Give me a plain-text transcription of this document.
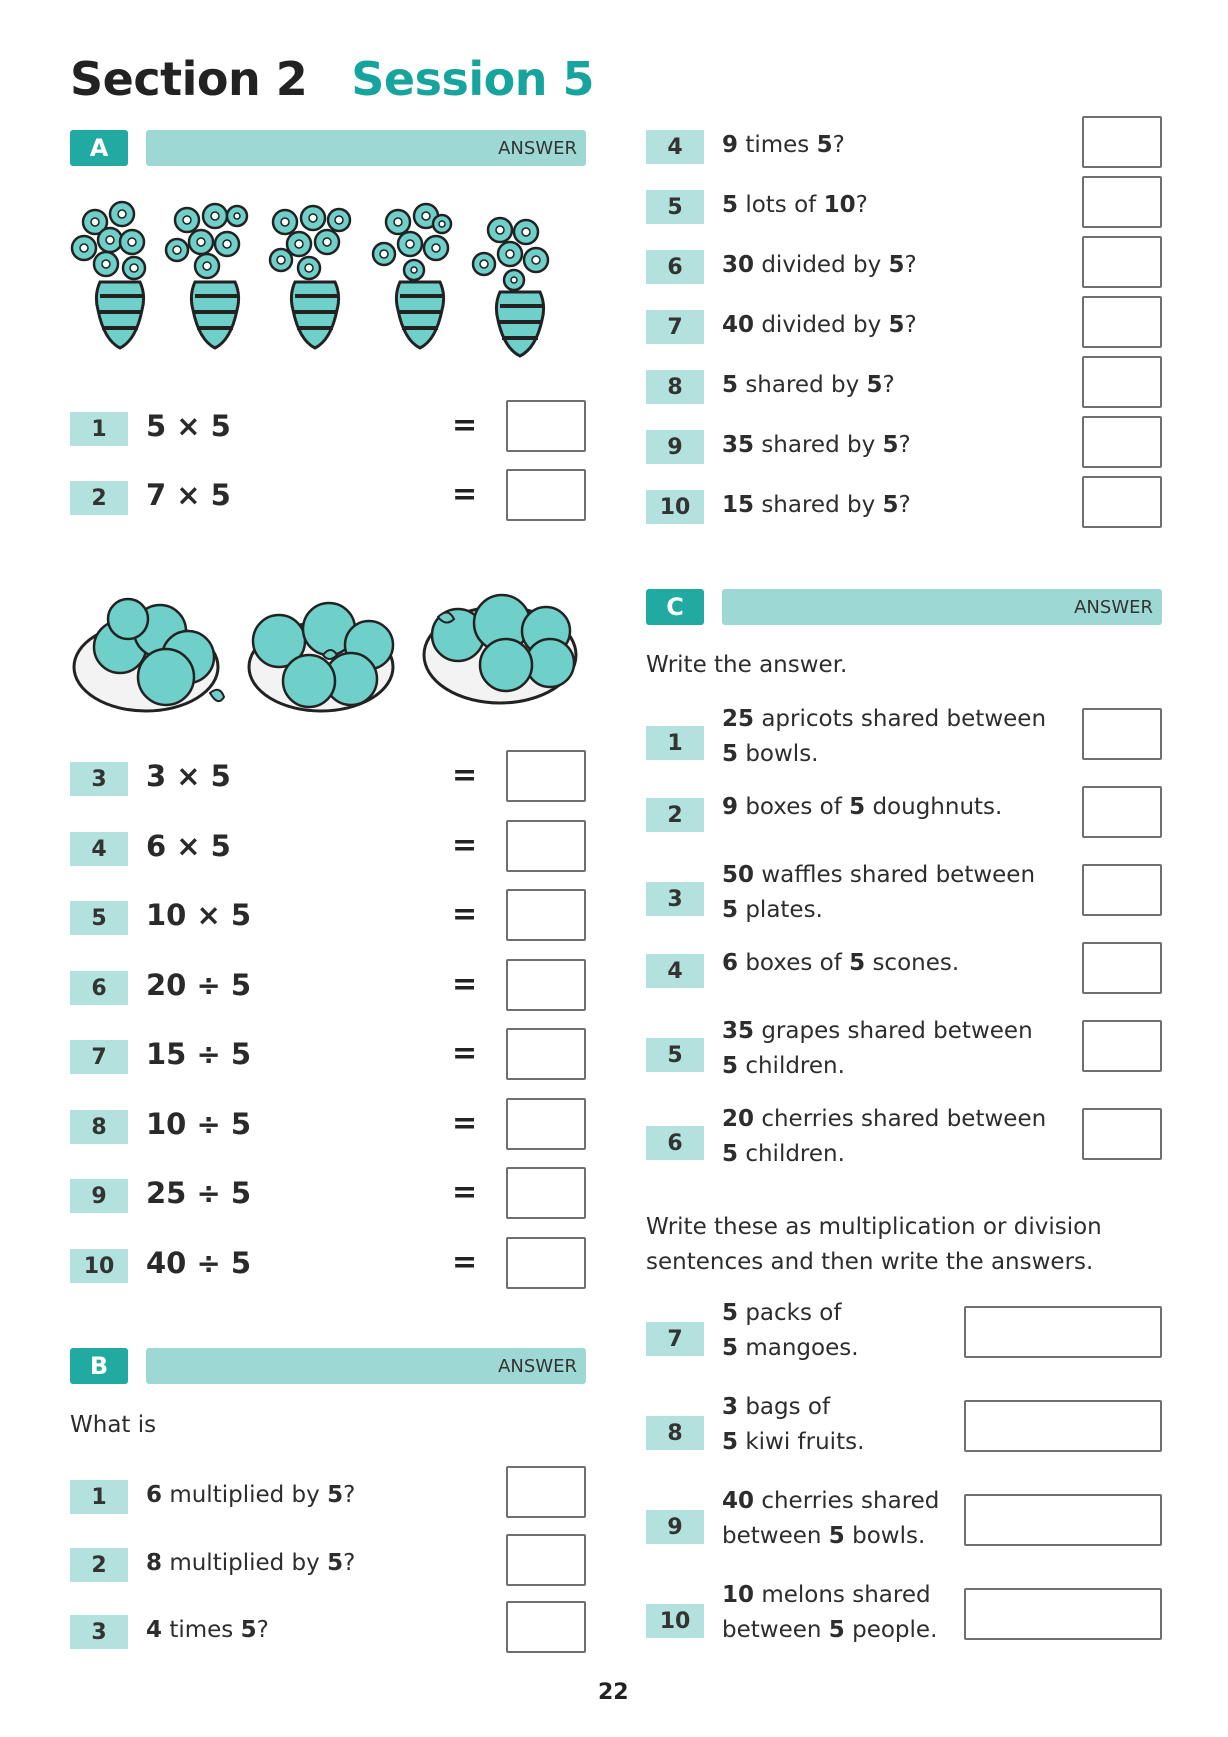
Section 2 Session 5
A	ANSWER
1	5 × 5	=
2	7 × 5	=
3	3 × 5	=
4	6 × 5	=
5	10 × 5	=
6	20 ÷ 5	=
7	15 ÷ 5	=
8	10 ÷ 5	=
9	25 ÷ 5	=
10	40 ÷ 5	=
B	ANSWER
What is
1	6 multiplied by 5?
2	8 multiplied by 5?
3	4 times 5?
4	9 times 5?
5	5 lots of 10?
6	30 divided by 5?
7	40 divided by 5?
8	5 shared by 5?
9	35 shared by 5?
10	15 shared by 5?
C	ANSWER
Write the answer.
1
25 apricots shared between
5 bowls.
2	9 boxes of 5 doughnuts.
3
50 waffles shared between
5 plates.
4	6 boxes of 5 scones.
5
35 grapes shared between
5 children.
6
20 cherries shared between
5 children.
Write these as multiplication or division sentences and then write the answers.
7
5 packs of
5 mangoes.
8
3 bags of
5 kiwi fruits.
9
40 cherries shared
between 5 bowls.
10
10 melons shared
between 5 people.
22
